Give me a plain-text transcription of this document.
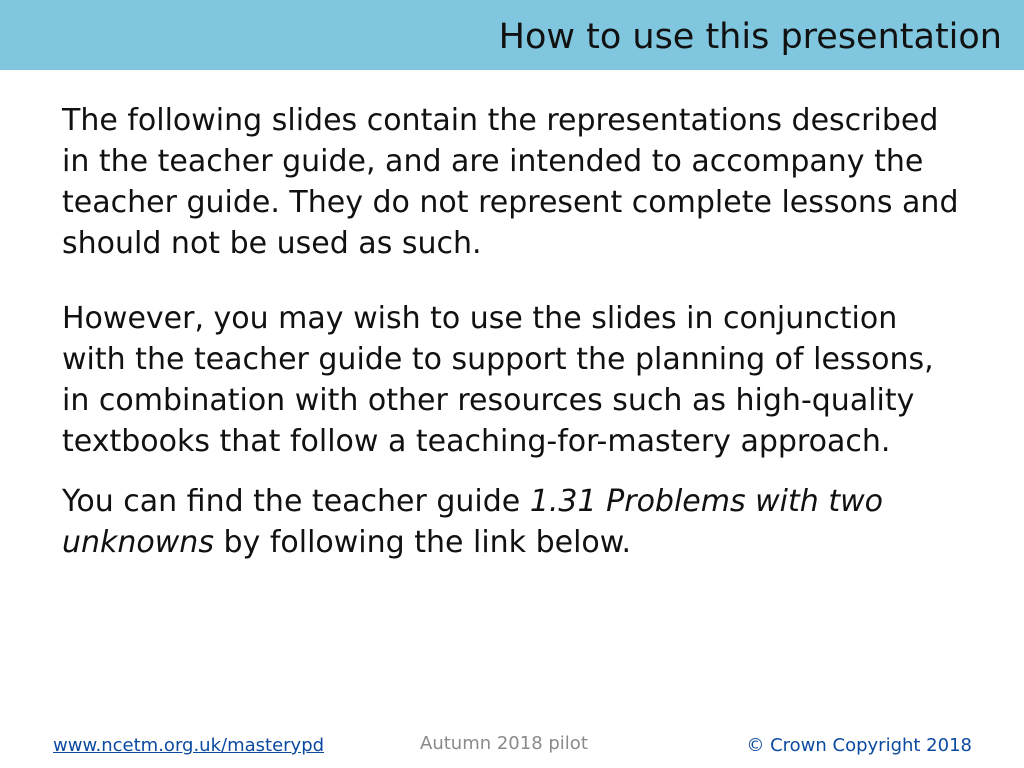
How to use this presentation

The following slides contain the representations described in the teacher guide, and are intended to accompany the teacher guide. They do not represent complete lessons and should not be used as such.

However, you may wish to use the slides in conjunction with the teacher guide to support the planning of lessons, in combination with other resources such as high-quality textbooks that follow a teaching-for-mastery approach.

You can find the teacher guide 1.31 Problems with two unknowns by following the link below.

www.ncetm.org.uk/masterypd	Autumn 2018 pilot	© Crown Copyright 2018
